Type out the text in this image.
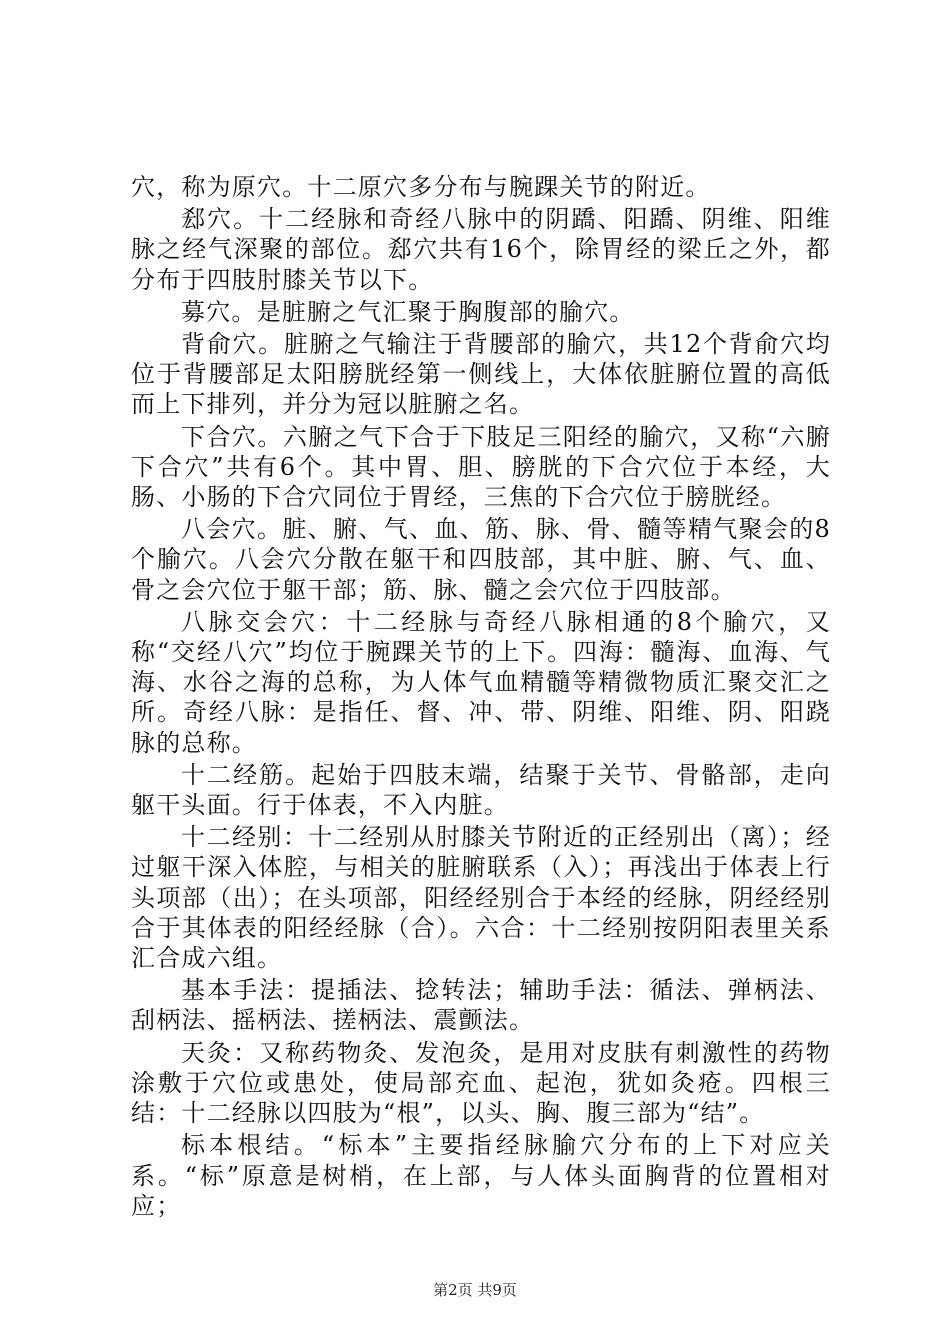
穴，称为原穴。十二原穴多分布与腕踝关节的附近。

郄穴。十二经脉和奇经八脉中的阴蹻、阳蹻、阴维、阳维脉之经气深聚的部位。郄穴共有16个，除胃经的梁丘之外，都分布于四肢肘膝关节以下。

募穴。是脏腑之气汇聚于胸腹部的腧穴。

背俞穴。脏腑之气输注于背腰部的腧穴，共12个背俞穴均位于背腰部足太阳膀胱经第一侧线上，大体依脏腑位置的高低而上下排列，并分为冠以脏腑之名。

下合穴。六腑之气下合于下肢足三阳经的腧穴，又称“六腑下合穴”共有6个。其中胃、胆、膀胱的下合穴位于本经，大肠、小肠的下合穴同位于胃经，三焦的下合穴位于膀胱经。

八会穴。脏、腑、气、血、筋、脉、骨、髓等精气聚会的8个腧穴。八会穴分散在躯干和四肢部，其中脏、腑、气、血、骨之会穴位于躯干部；筋、脉、髓之会穴位于四肢部。

八脉交会穴：十二经脉与奇经八脉相通的8个腧穴，又称“交经八穴”均位于腕踝关节的上下。四海：髓海、血海、气海、水谷之海的总称，为人体气血精髓等精微物质汇聚交汇之所。奇经八脉：是指任、督、冲、带、阴维、阳维、阴、阳跷脉的总称。

十二经筋。起始于四肢末端，结聚于关节、骨骼部，走向躯干头面。行于体表，不入内脏。

十二经别：十二经别从肘膝关节附近的正经别出（离）；经过躯干深入体腔，与相关的脏腑联系（入）；再浅出于体表上行头项部（出）；在头项部，阳经经别合于本经的经脉，阴经经别合于其体表的阳经经脉（合）。六合：十二经别按阴阳表里关系汇合成六组。

基本手法：提插法、捻转法；辅助手法：循法、弹柄法、刮柄法、摇柄法、搓柄法、震颤法。

天灸：又称药物灸、发泡灸，是用对皮肤有刺激性的药物涂敷于穴位或患处，使局部充血、起泡，犹如灸疮。四根三结：十二经脉以四肢为“根”，以头、胸、腹三部为“结”。

标本根结。“标本”主要指经脉腧穴分布的上下对应关系。“标”原意是树梢，在上部，与人体头面胸背的位置相对应；

第2页 共9页
